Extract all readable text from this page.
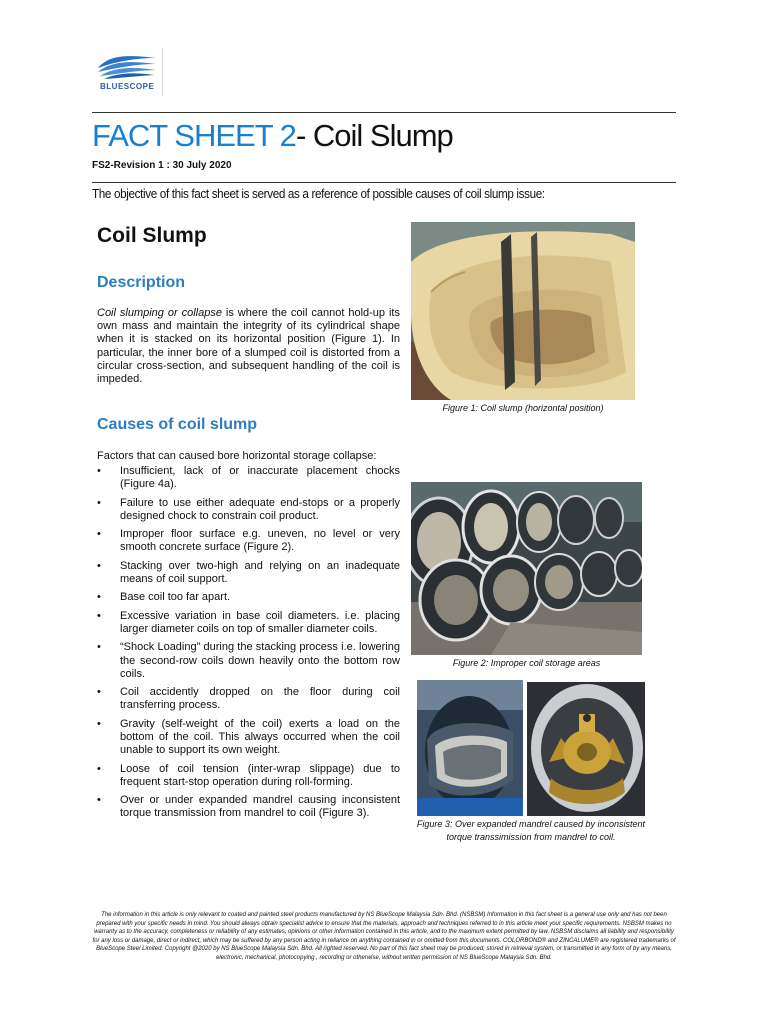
BLUESCOPE
FACT SHEET 2- Coil Slump
FS2-Revision 1 : 30 July 2020
The objective of this fact sheet is served as a reference of possible causes of coil slump issue:
Coil Slump
Description
Coil slumping or collapse is where the coil cannot hold-up its own mass and maintain the integrity of its cylindrical shape when it is stacked on its horizontal position (Figure 1). In particular, the inner bore of a slumped coil is distorted from a circular cross-section, and subsequent handling of the coil is impeded.
Causes of coil slump
Factors that can caused bore horizontal storage collapse:
• Insufficient, lack of or inaccurate placement chocks (Figure 4a).
• Failure to use either adequate end-stops or a properly designed chock to constrain coil product.
• Improper floor surface e.g. uneven, no level or very smooth concrete surface (Figure 2).
• Stacking over two-high and relying on an inadequate means of coil support.
• Base coil too far apart.
• Excessive variation in base coil diameters. i.e. placing larger diameter coils on top of smaller diameter coils.
• “Shock Loading” during the stacking process i.e. lowering the second-row coils down heavily onto the bottom row coils.
• Coil accidently dropped on the floor during coil transferring process.
• Gravity (self-weight of the coil) exerts a load on the bottom of the coil. This always occurred when the coil unable to support its own weight.
• Loose of coil tension (inter-wrap slippage) due to frequent start-stop operation during roll-forming.
• Over or under expanded mandrel causing inconsistent torque transmission from mandrel to coil (Figure 3).
Figure 1: Coil slump (horizontal position)
Figure 2: Improper coil storage areas
Figure 3: Over expanded mandrel caused by inconsistent torque transsimission from mandrel to coil.
The information in this article is only relevant to coated and painted steel products manufactured by NS BlueScope Malaysia Sdn. Bhd. (NSBSM) Information in this fact sheet is a general use only and has not been prepared with your specific needs in mind. You should always obtain specialist advice to ensure that the materials, approach and techniques referred to in this article meet your specific requirements. NSBSM makes no warranty as to the accuracy, completeness or reliability of any estimates, opinions or other information contained in this article, and to the maximum extent permitted by law, NSBSM disclaims all liability and responsibility for any loss or damage, direct or indirect, which may be suffered by any person acting in reliance on anything contained in or omitted from this documents. COLORBOND® and ZINCALUME® are registered trademarks of BlueScope Steel Limited. Copyright @2020 by NS BlueScope Malaysia Sdn. Bhd. All righted reserved. No part of this fact sheet may be produced, stored in retrieval system, or transmitted in any form of by any means, electronic, mechanical, photocopying , recording or otherwise, without written permission of NS BlueScope Malaysia Sdn. Bhd.
